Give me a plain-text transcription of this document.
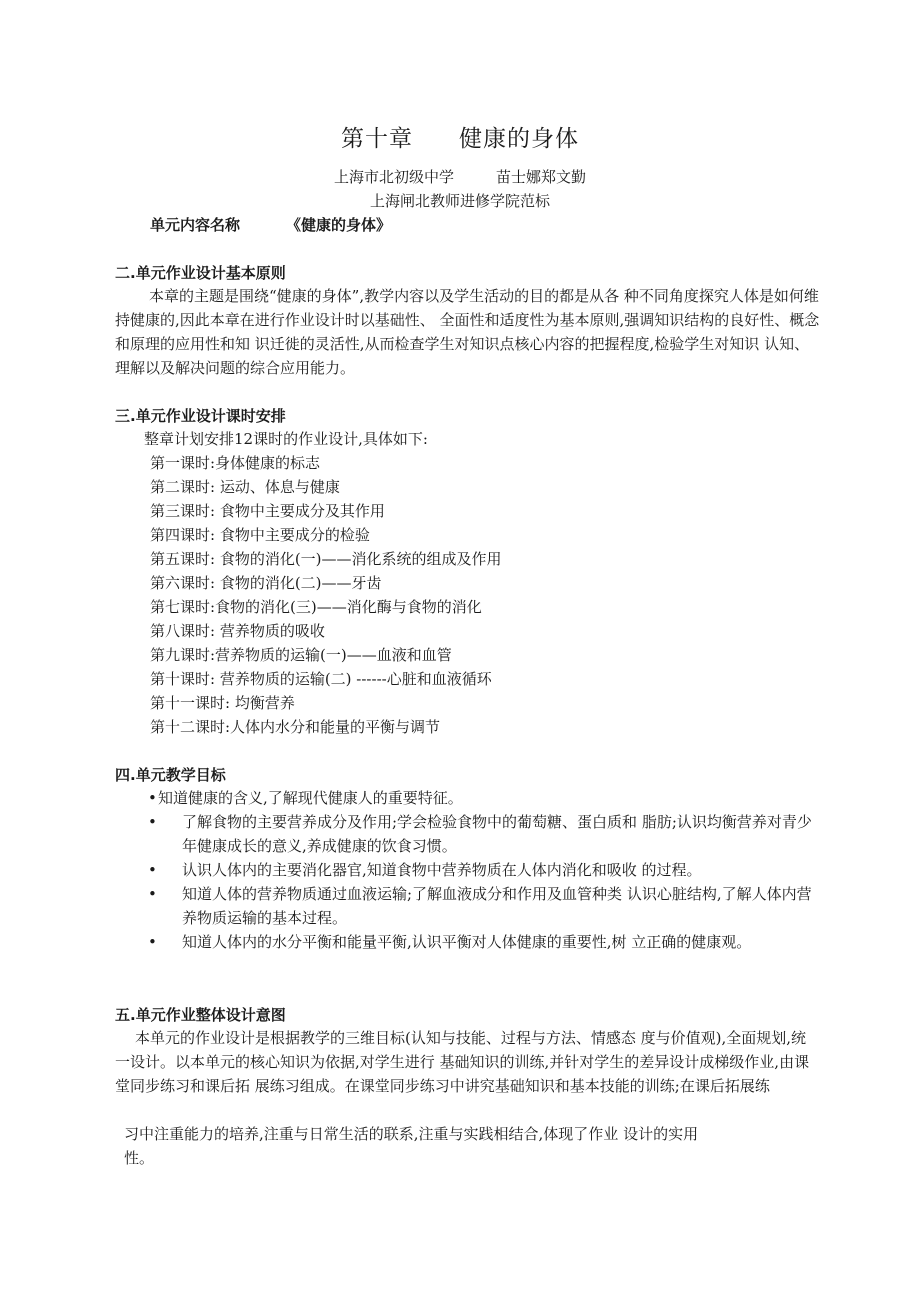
第十章 健康的身体
上海市北初级中学	苗士娜郑文勤
上海闸北教师进修学院范标
单元内容名称	《健康的身体》
二.单元作业设计基本原则
本章的主题是围绕“健康的身体”,教学内容以及学生活动的目的都是从各 种不同角度探究人体是如何维持健康的,因此本章在进行作业设计时以基础性、 全面性和适度性为基本原则,强调知识结构的良好性、概念和原理的应用性和知 识迁徙的灵活性,从而检查学生对知识点核心内容的把握程度,检验学生对知识 认知、理解以及解决问题的综合应用能力。
三.单元作业设计课时安排
整章计划安排12课时的作业设计,具体如下:
第一课时:身体健康的标志
第二课时: 运动、体息与健康
第三课时: 食物中主要成分及其作用
第四课时: 食物中主要成分的检验
第五课时: 食物的消化(一)——消化系统的组成及作用
第六课时: 食物的消化(二)——牙齿
第七课时:食物的消化(三)——消化酶与食物的消化
第八课时: 营养物质的吸收
第九课时:营养物质的运输(一)——血液和血管
第十课时: 营养物质的运输(二) ------心脏和血液循环
第十一课时: 均衡营养
第十二课时:人体内水分和能量的平衡与调节
四.单元教学目标
• 知道健康的含义,了解现代健康人的重要特征。
• 了解食物的主要营养成分及作用;学会检验食物中的葡萄糖、蛋白质和 脂肪;认识均衡营养对青少年健康成长的意义,养成健康的饮食习惯。
• 认识人体内的主要消化器官,知道食物中营养物质在人体内消化和吸收 的过程。
• 知道人体的营养物质通过血液运输;了解血液成分和作用及血管种类 认识心脏结构,了解人体内营养物质运输的基本过程。
• 知道人体内的水分平衡和能量平衡,认识平衡对人体健康的重要性,树 立正确的健康观。
五.单元作业整体设计意图
本单元的作业设计是根据教学的三维目标(认知与技能、过程与方法、情感态 度与价值观),全面规划,统一设计。以本单元的核心知识为依据,对学生进行 基础知识的训练,并针对学生的差异设计成梯级作业,由课堂同步练习和课后拓 展练习组成。在课堂同步练习中讲究基础知识和基本技能的训练;在课后拓展练
习中注重能力的培养,注重与日常生活的联系,注重与实践相结合,体现了作业 设计的实用
性。
